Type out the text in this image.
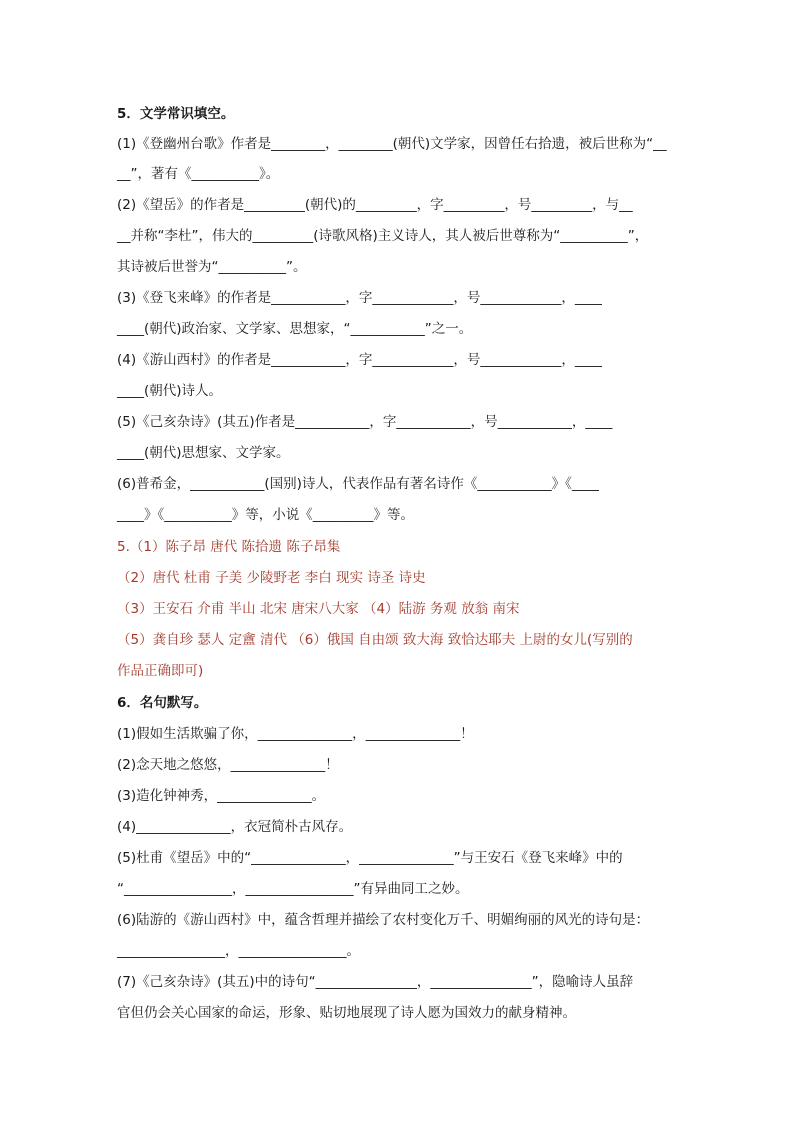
5．文学常识填空。
(1)《登幽州台歌》作者是________，________(朝代)文学家，因曾任右拾遗，被后世称为“__
__”，著有《__________》。
(2)《望岳》的作者是_________(朝代)的_________，字_________，号_________，与__
__并称“李杜”，伟大的_________(诗歌风格)主义诗人，其人被后世尊称为“__________”，
其诗被后世誉为“__________”。
(3)《登飞来峰》的作者是___________，字____________，号____________，____
____(朝代)政治家、文学家、思想家，“___________”之一。
(4)《游山西村》的作者是___________，字____________，号____________，____
____(朝代)诗人。
(5)《己亥杂诗》(其五)作者是___________，字___________，号___________，____
____(朝代)思想家、文学家。
(6)普希金，___________(国别)诗人，代表作品有著名诗作《___________》《____
____》《__________》等，小说《_________》等。
5.（1）陈子昂 唐代 陈拾遗 陈子昂集
（2）唐代 杜甫 子美 少陵野老 李白 现实 诗圣 诗史
（3）王安石 介甫 半山 北宋 唐宋八大家 （4）陆游 务观 放翁 南宋
（5）龚自珍 瑟人 定盦 清代 （6）俄国 自由颂 致大海 致恰达耶夫 上尉的女儿(写别的
作品正确即可)
6．名句默写。
(1)假如生活欺骗了你，______________，______________！
(2)念天地之悠悠，______________！
(3)造化钟神秀，______________。
(4)______________，衣冠简朴古风存。
(5)杜甫《望岳》中的“______________，______________”与王安石《登飞来峰》中的
“________________，________________”有异曲同工之妙。
(6)陆游的《游山西村》中，蕴含哲理并描绘了农村变化万千、明媚绚丽的风光的诗句是：
________________，________________。
(7)《己亥杂诗》(其五)中的诗句“_______________，_______________”，隐喻诗人虽辞
官但仍会关心国家的命运，形象、贴切地展现了诗人愿为国效力的献身精神。
